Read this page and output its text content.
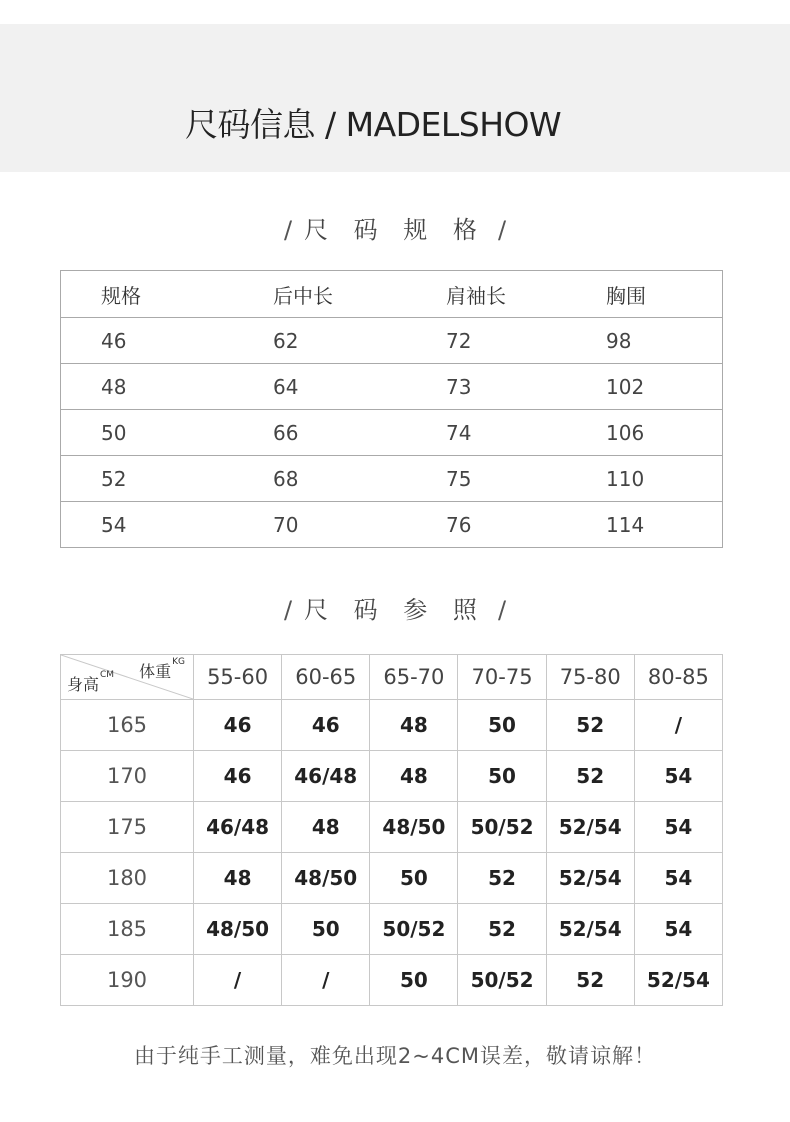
尺码信息 / MADELSHOW
/ 尺 码 规 格 /
规格	后中长	肩袖长	胸围
46	62	72	98
48	64	73	102
50	66	74	106
52	68	75	110
54	70	76	114
/ 尺 码 参 照 /
体重$^{KG}$
身高$^{CM}$	55-60	60-65	65-70	70-75	75-80	80-85
165	46	46	48	50	52	/
170	46	46/48	48	50	52	54
175	46/48	48	48/50	50/52	52/54	54
180	48	48/50	50	52	52/54	54
185	48/50	50	50/52	52	52/54	54
190	/	/	50	50/52	52	52/54
由于纯手工测量，难免出现2~4CM误差，敬请谅解！
